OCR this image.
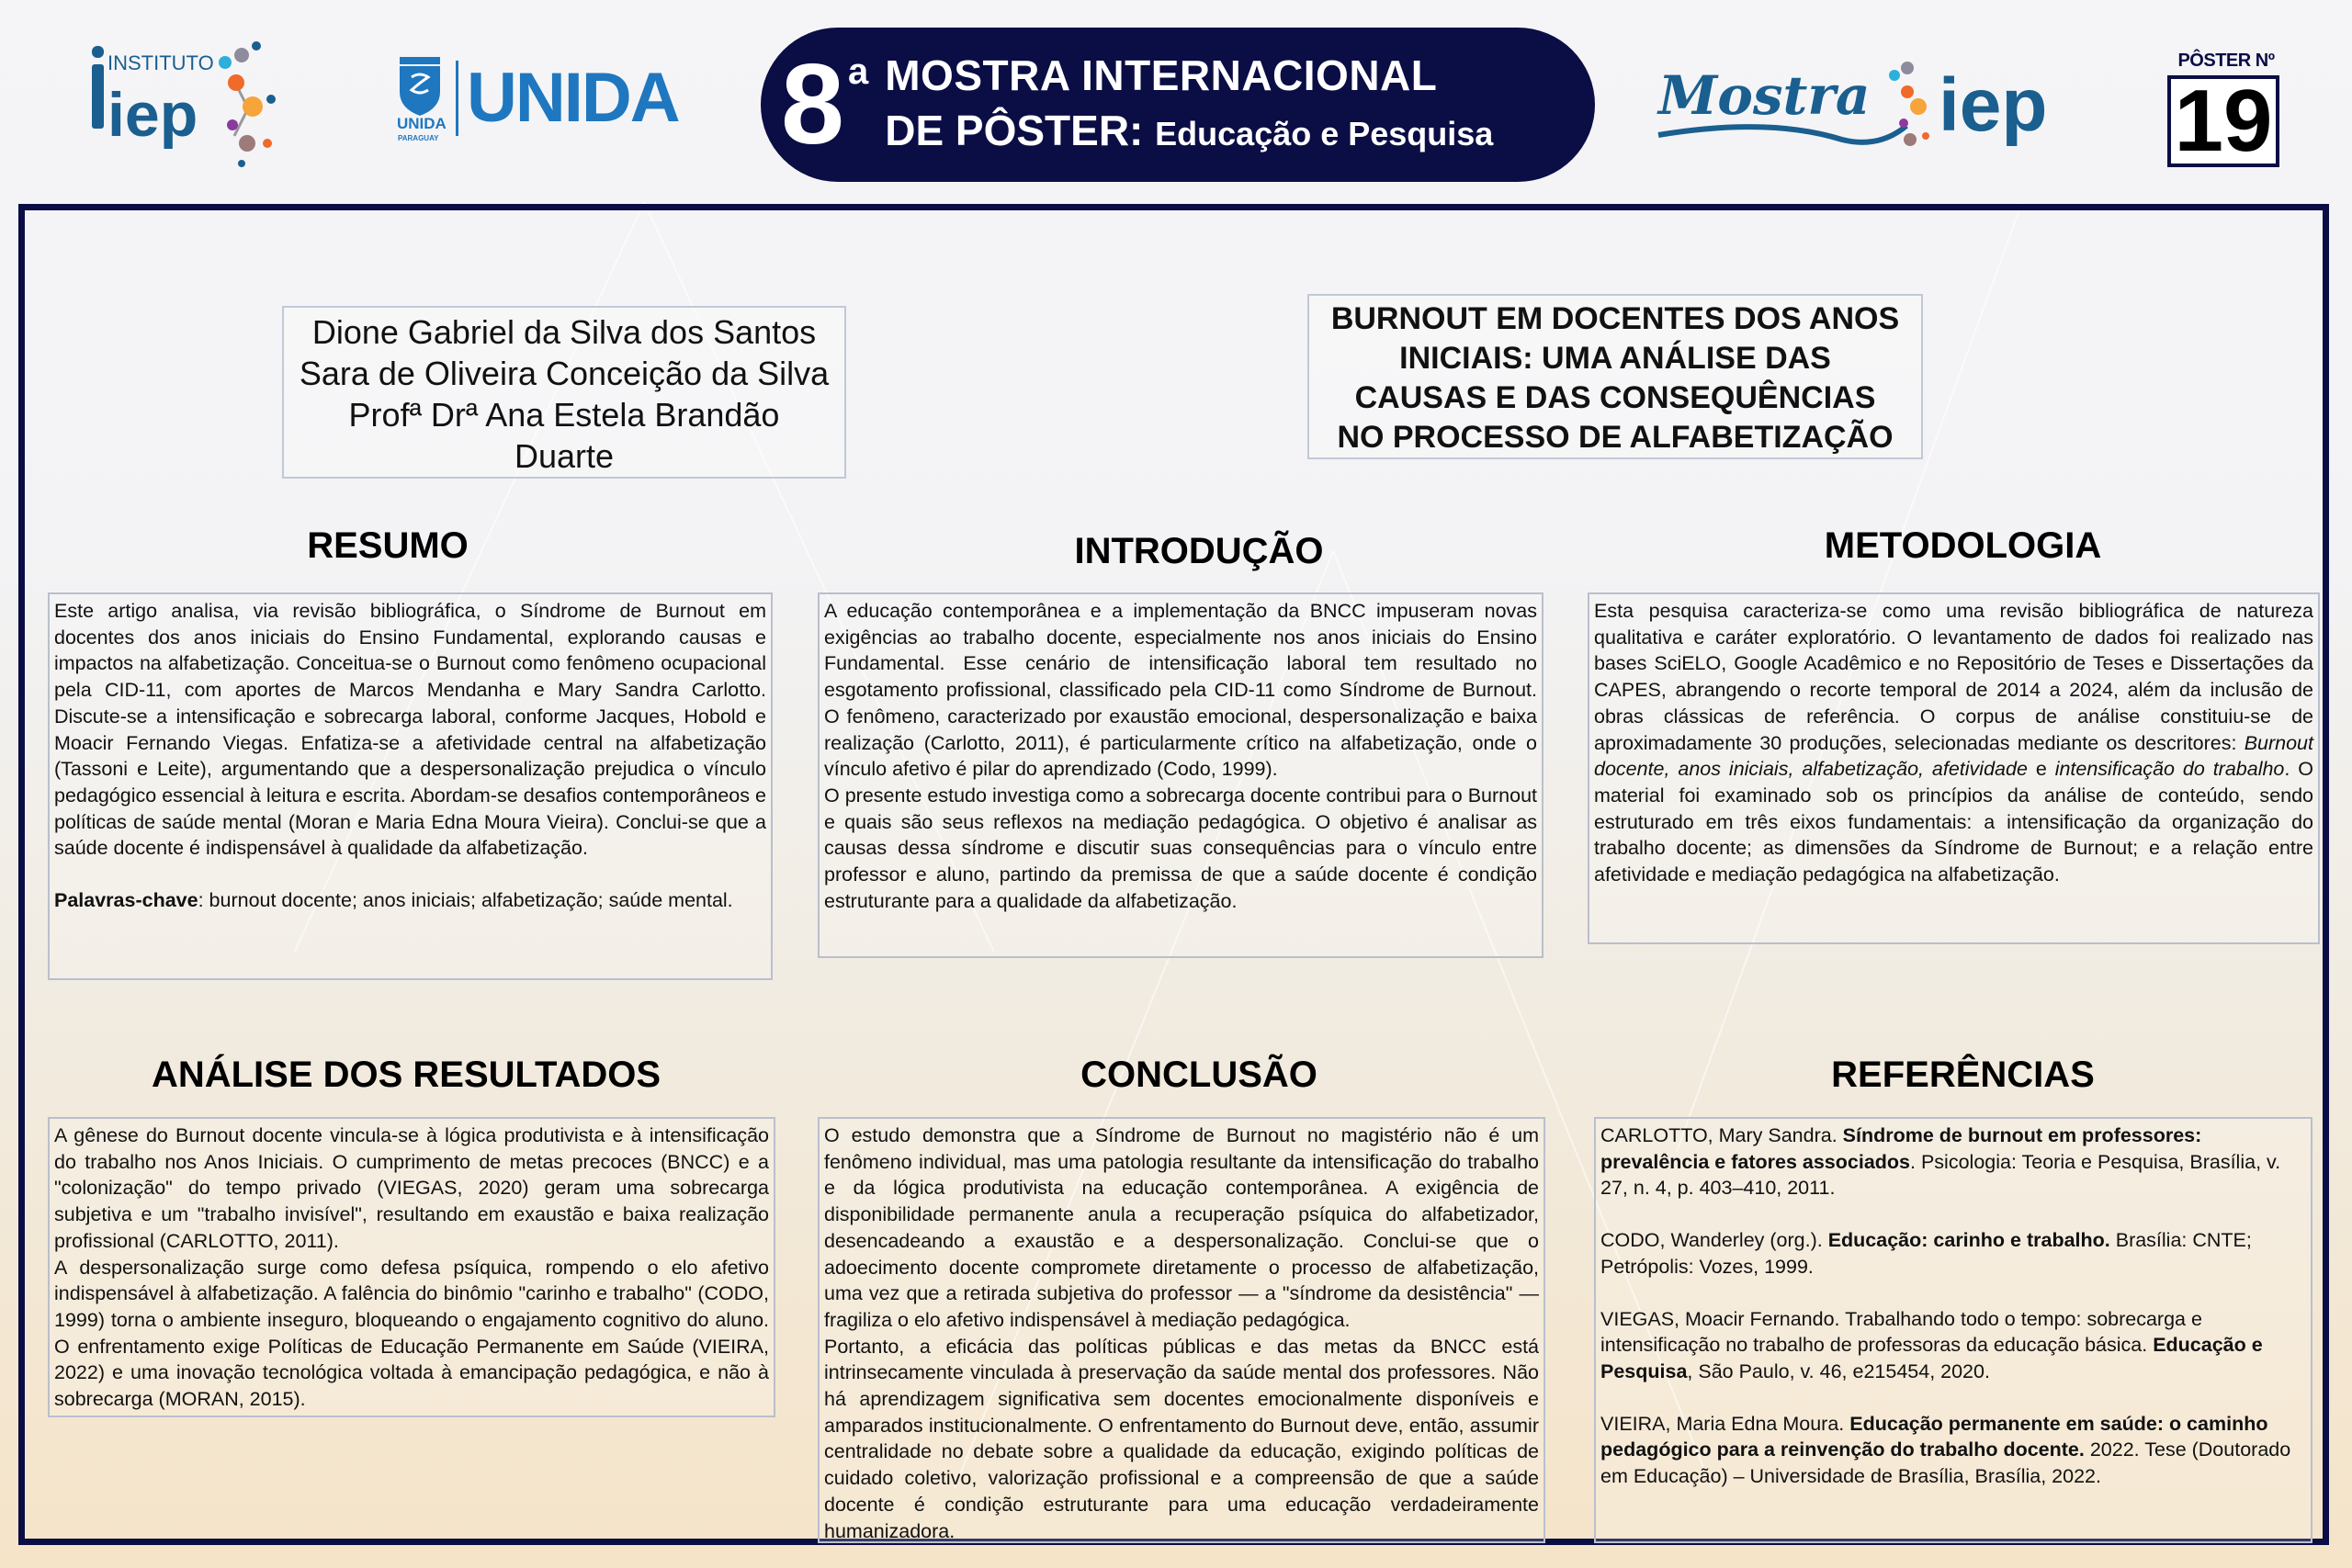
INSTITUTO
iep	UNIDA
PARAGUAY
UNIDA 8 a MOSTRA INTERNACIONAL
DE PÔSTER: Educação e Pesquisa
Mostra iep
PÔSTER Nº
19
Dione Gabriel da Silva dos Santos
Sara de Oliveira Conceição da Silva
Profª Drª Ana Estela Brandão
Duarte
BURNOUT EM DOCENTES DOS ANOS
INICIAIS: UMA ANÁLISE DAS
CAUSAS E DAS CONSEQUÊNCIAS
NO PROCESSO DE ALFABETIZAÇÃO
RESUMO	INTRODUÇÃO	METODOLOGIA
ANÁLISE DOS RESULTADOS	CONCLUSÃO	REFERÊNCIAS

Este artigo analisa, via revisão bibliográfica, o Síndrome de Burnout em docentes dos anos iniciais do Ensino Fundamental, explorando causas e impactos na alfabetização. Conceitua-se o Burnout como fenômeno ocupacional pela CID-11, com aportes de Marcos Mendanha e Mary Sandra Carlotto. Discute-se a intensificação e sobrecarga laboral, conforme Jacques, Hobold e Moacir Fernando Viegas. Enfatiza-se a afetividade central na alfabetização (Tassoni e Leite), argumentando que a despersonalização prejudica o vínculo pedagógico essencial à leitura e escrita. Abordam-se desafios contemporâneos e políticas de saúde mental (Moran e Maria Edna Moura Vieira). Conclui-se que a saúde docente é indispensável à qualidade da alfabetização.

Palavras-chave: burnout docente; anos iniciais; alfabetização; saúde mental.

A educação contemporânea e a implementação da BNCC impuseram novas exigências ao trabalho docente, especialmente nos anos iniciais do Ensino Fundamental. Esse cenário de intensificação laboral tem resultado no esgotamento profissional, classificado pela CID-11 como Síndrome de Burnout. O fenômeno, caracterizado por exaustão emocional, despersonalização e baixa realização (Carlotto, 2011), é particularmente crítico na alfabetização, onde o vínculo afetivo é pilar do aprendizado (Codo, 1999).

O presente estudo investiga como a sobrecarga docente contribui para o Burnout e quais são seus reflexos na mediação pedagógica. O objetivo é analisar as causas dessa síndrome e discutir suas consequências para o vínculo entre professor e aluno, partindo da premissa de que a saúde docente é condição estruturante para a qualidade da alfabetização.

Esta pesquisa caracteriza-se como uma revisão bibliográfica de natureza qualitativa e caráter exploratório. O levantamento de dados foi realizado nas bases SciELO, Google Acadêmico e no Repositório de Teses e Dissertações da CAPES, abrangendo o recorte temporal de 2014 a 2024, além da inclusão de obras clássicas de referência. O corpus de análise constituiu-se de aproximadamente 30 produções, selecionadas mediante os descritores: Burnout docente, anos iniciais, alfabetização, afetividade e intensificação do trabalho. O material foi examinado sob os princípios da análise de conteúdo, sendo estruturado em três eixos fundamentais: a intensificação da organização do trabalho docente; as dimensões da Síndrome de Burnout; e a relação entre afetividade e mediação pedagógica na alfabetização.

A gênese do Burnout docente vincula-se à lógica produtivista e à intensificação do trabalho nos Anos Iniciais. O cumprimento de metas precoces (BNCC) e a "colonização" do tempo privado (VIEGAS, 2020) geram uma sobrecarga subjetiva e um "trabalho invisível", resultando em exaustão e baixa realização profissional (CARLOTTO, 2011).

A despersonalização surge como defesa psíquica, rompendo o elo afetivo indispensável à alfabetização. A falência do binômio "carinho e trabalho" (CODO, 1999) torna o ambiente inseguro, bloqueando o engajamento cognitivo do aluno. O enfrentamento exige Políticas de Educação Permanente em Saúde (VIEIRA, 2022) e uma inovação tecnológica voltada à emancipação pedagógica, e não à sobrecarga (MORAN, 2015).

O estudo demonstra que a Síndrome de Burnout no magistério não é um fenômeno individual, mas uma patologia resultante da intensificação do trabalho e da lógica produtivista na educação contemporânea. A exigência de disponibilidade permanente anula a recuperação psíquica do alfabetizador, desencadeando a exaustão e a despersonalização. Conclui-se que o adoecimento docente compromete diretamente o processo de alfabetização, uma vez que a retirada subjetiva do professor — a "síndrome da desistência" — fragiliza o elo afetivo indispensável à mediação pedagógica.

Portanto, a eficácia das políticas públicas e das metas da BNCC está intrinsecamente vinculada à preservação da saúde mental dos professores. Não há aprendizagem significativa sem docentes emocionalmente disponíveis e amparados institucionalmente. O enfrentamento do Burnout deve, então, assumir centralidade no debate sobre a qualidade da educação, exigindo políticas de cuidado coletivo, valorização profissional e a compreensão de que a saúde docente é condição estruturante para uma educação verdadeiramente humanizadora.

CARLOTTO, Mary Sandra. Síndrome de burnout em professores: prevalência e fatores associados. Psicologia: Teoria e Pesquisa, Brasília, v. 27, n. 4, p. 403–410, 2011.

CODO, Wanderley (org.). Educação: carinho e trabalho. Brasília: CNTE; Petrópolis: Vozes, 1999.

VIEGAS, Moacir Fernando. Trabalhando todo o tempo: sobrecarga e intensificação no trabalho de professoras da educação básica. Educação e Pesquisa, São Paulo, v. 46, e215454, 2020.

VIEIRA, Maria Edna Moura. Educação permanente em saúde: o caminho pedagógico para a reinvenção do trabalho docente. 2022. Tese (Doutorado em Educação) – Universidade de Brasília, Brasília, 2022.
